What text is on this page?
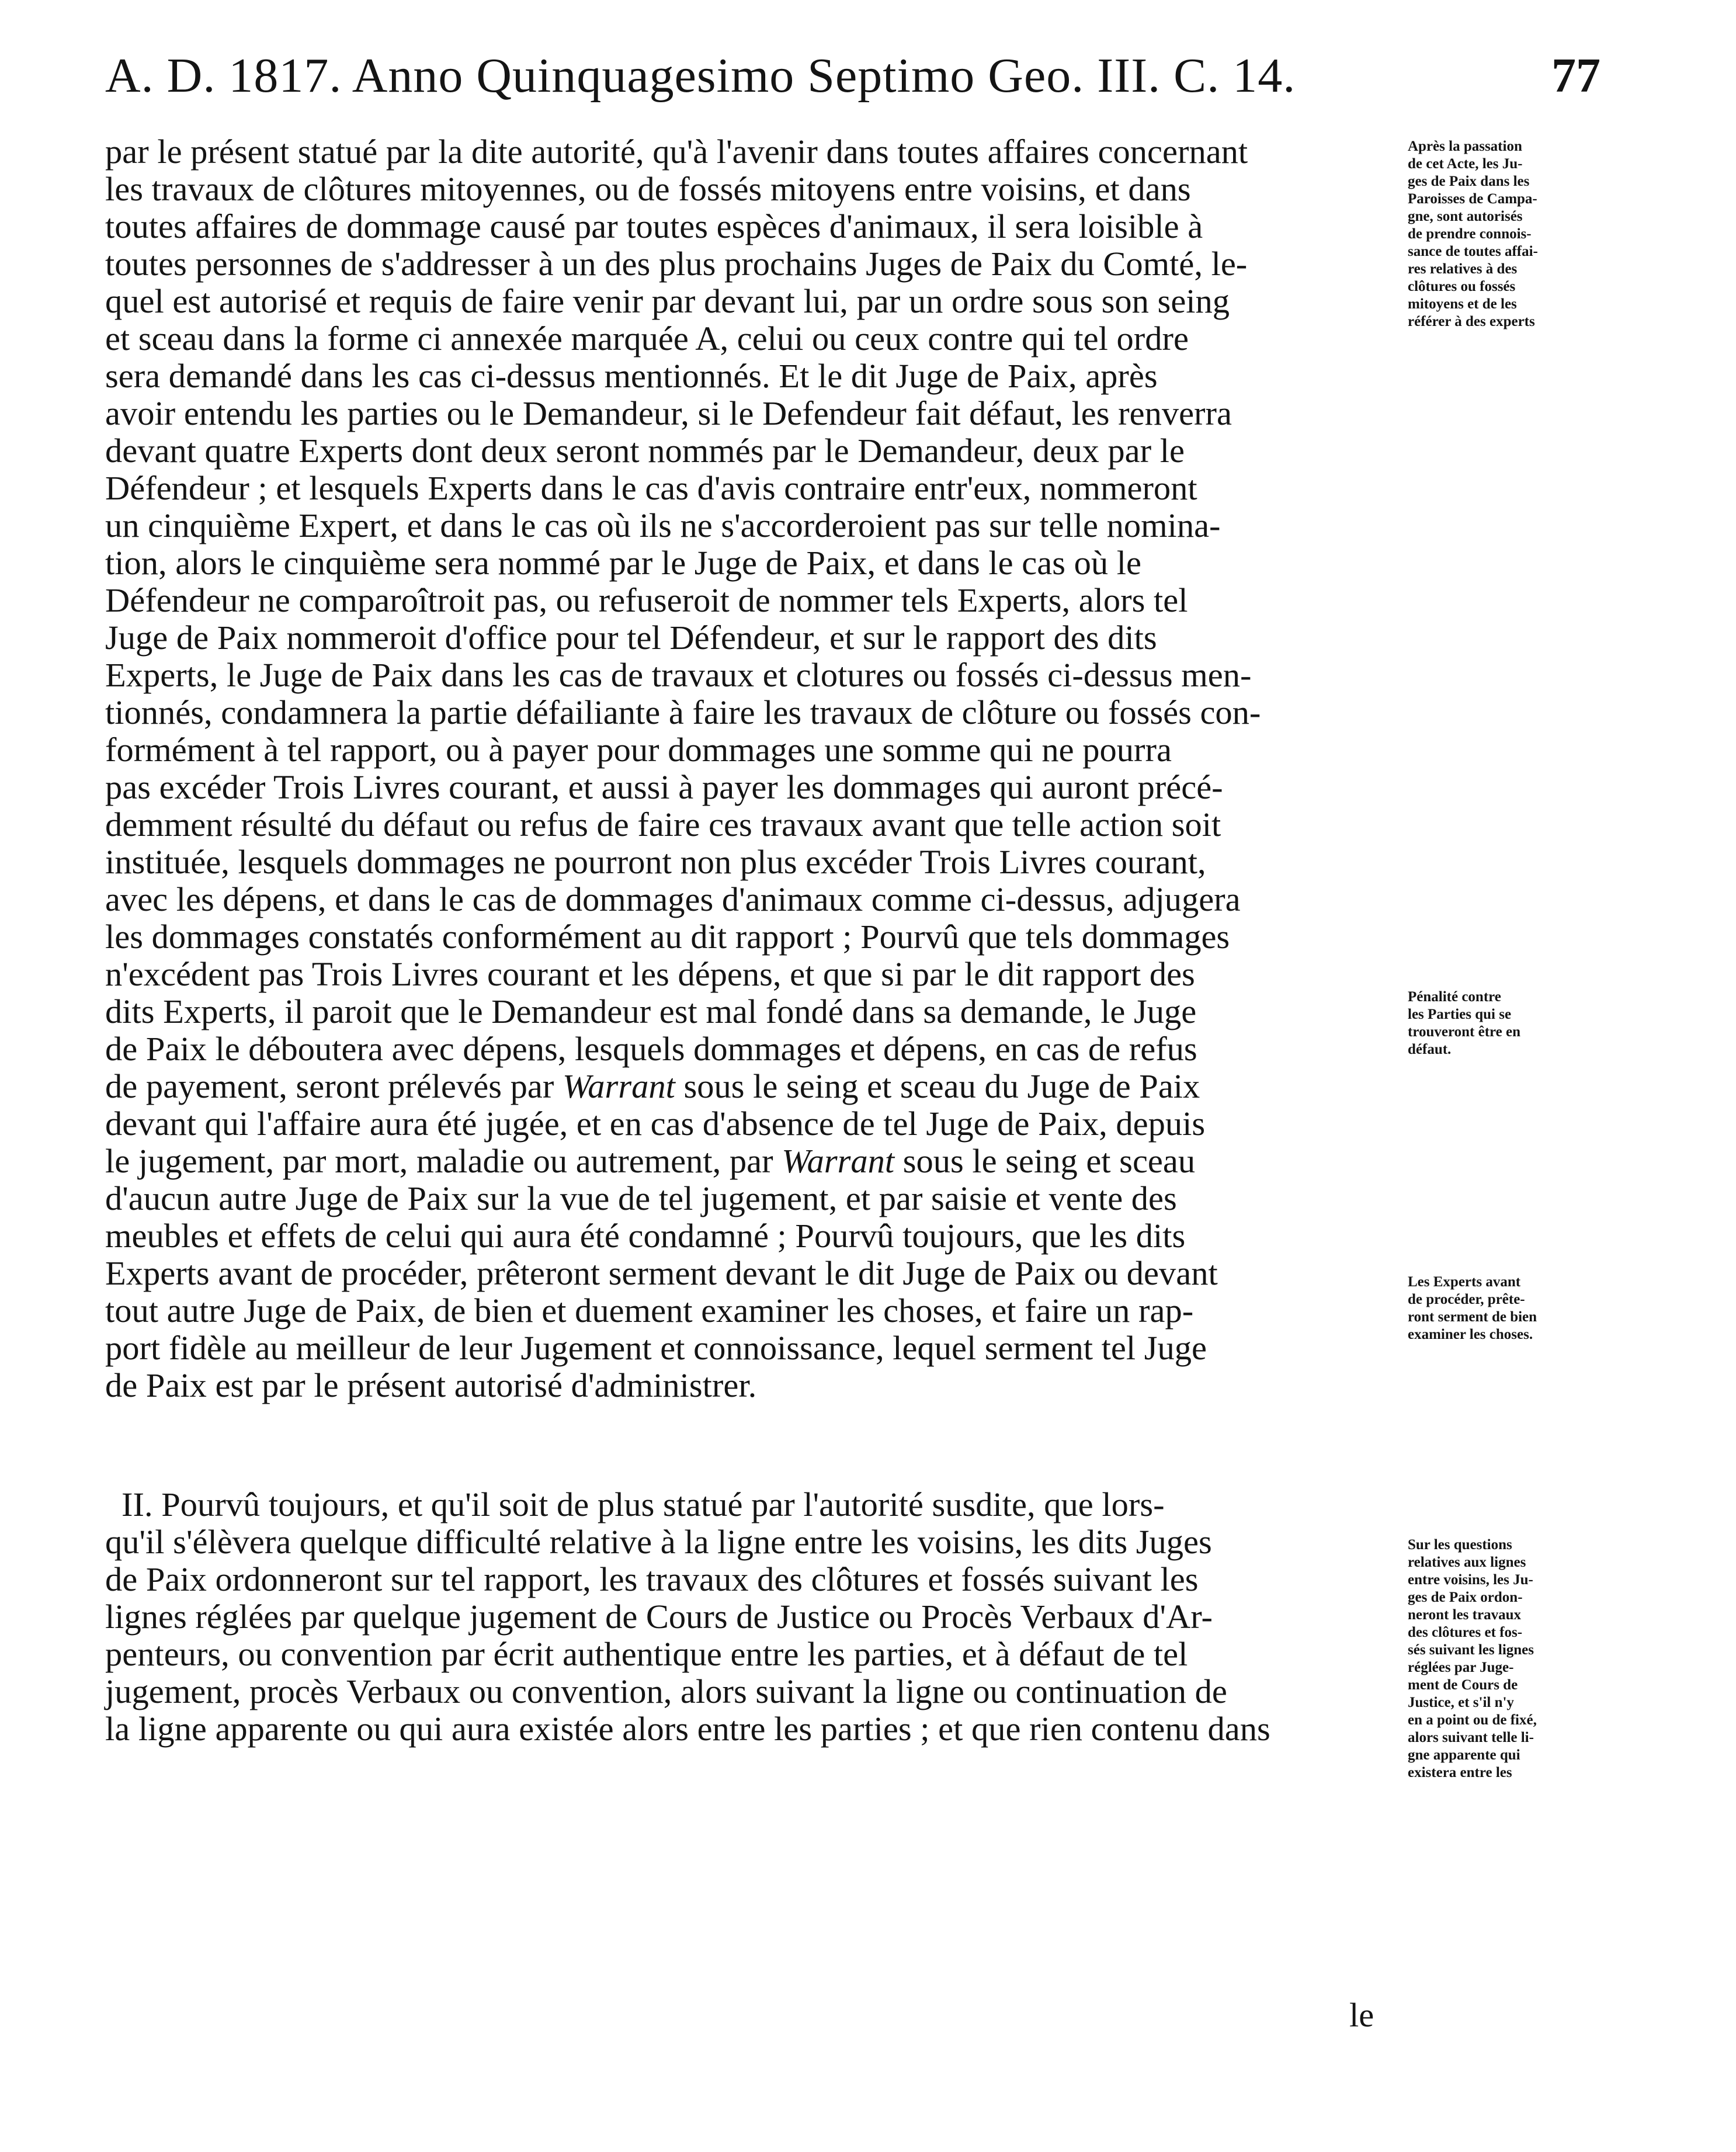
A. D. 1817. Anno Quinquagesimo Septimo Geo. III. C. 14.	77

par le présent statué par la dite autorité, qu'à l'avenir dans toutes affaires concernant
les travaux de clôtures mitoyennes, ou de fossés mitoyens entre voisins, et dans
toutes affaires de dommage causé par toutes espèces d'animaux, il sera loisible à
toutes personnes de s'addresser à un des plus prochains Juges de Paix du Comté, le-
quel est autorisé et requis de faire venir par devant lui, par un ordre sous son seing
et sceau dans la forme ci annexée marquée A, celui ou ceux contre qui tel ordre
sera demandé dans les cas ci-dessus mentionnés. Et le dit Juge de Paix, après
avoir entendu les parties ou le Demandeur, si le Defendeur fait défaut, les renverra
devant quatre Experts dont deux seront nommés par le Demandeur, deux par le
Défendeur ; et lesquels Experts dans le cas d'avis contraire entr'eux, nommeront
un cinquième Expert, et dans le cas où ils ne s'accorderoient pas sur telle nomina-
tion, alors le cinquième sera nommé par le Juge de Paix, et dans le cas où le
Défendeur ne comparoîtroit pas, ou refuseroit de nommer tels Experts, alors tel
Juge de Paix nommeroit d'office pour tel Défendeur, et sur le rapport des dits
Experts, le Juge de Paix dans les cas de travaux et clotures ou fossés ci-dessus men-
tionnés, condamnera la partie défailiante à faire les travaux de clôture ou fossés con-
formément à tel rapport, ou à payer pour dommages une somme qui ne pourra
pas excéder Trois Livres courant, et aussi à payer les dommages qui auront précé-
demment résulté du défaut ou refus de faire ces travaux avant que telle action soit
instituée, lesquels dommages ne pourront non plus excéder Trois Livres courant,
avec les dépens, et dans le cas de dommages d'animaux comme ci-dessus, adjugera
les dommages constatés conformément au dit rapport ; Pourvû que tels dommages
n'excédent pas Trois Livres courant et les dépens, et que si par le dit rapport des
dits Experts, il paroit que le Demandeur est mal fondé dans sa demande, le Juge
de Paix le déboutera avec dépens, lesquels dommages et dépens, en cas de refus
de payement, seront prélevés par Warrant sous le seing et sceau du Juge de Paix
devant qui l'affaire aura été jugée, et en cas d'absence de tel Juge de Paix, depuis
le jugement, par mort, maladie ou autrement, par Warrant sous le seing et sceau
d'aucun autre Juge de Paix sur la vue de tel jugement, et par saisie et vente des
meubles et effets de celui qui aura été condamné ; Pourvû toujours, que les dits
Experts avant de procéder, prêteront serment devant le dit Juge de Paix ou devant
tout autre Juge de Paix, de bien et duement examiner les choses, et faire un rap-
port fidèle au meilleur de leur Jugement et connoissance, lequel serment tel Juge
de Paix est par le présent autorisé d'administrer.

II. Pourvû toujours, et qu'il soit de plus statué par l'autorité susdite, que lors-
qu'il s'élèvera quelque difficulté relative à la ligne entre les voisins, les dits Juges
de Paix ordonneront sur tel rapport, les travaux des clôtures et fossés suivant les
lignes réglées par quelque jugement de Cours de Justice ou Procès Verbaux d'Ar-
penteurs, ou convention par écrit authentique entre les parties, et à défaut de tel
jugement, procès Verbaux ou convention, alors suivant la ligne ou continuation de
la ligne apparente ou qui aura existée alors entre les parties ; et que rien contenu dans

le
Après la passation
de cet Acte, les Ju-
ges de Paix dans les
Paroisses de Campa-
gne, sont autorisés
de prendre connois-
sance de toutes affai-
res relatives à des
clôtures ou fossés
mitoyens et de les
référer à des experts
Pénalité contre
les Parties qui se
trouveront être en
défaut.
Les Experts avant
de procéder, prête-
ront serment de bien
examiner les choses.
Sur les questions
relatives aux lignes
entre voisins, les Ju-
ges de Paix ordon-
neront les travaux
des clôtures et fos-
sés suivant les lignes
réglées par Juge-
ment de Cours de
Justice, et s'il n'y
en a point ou de fixé,
alors suivant telle li-
gne apparente qui
existera entre les
